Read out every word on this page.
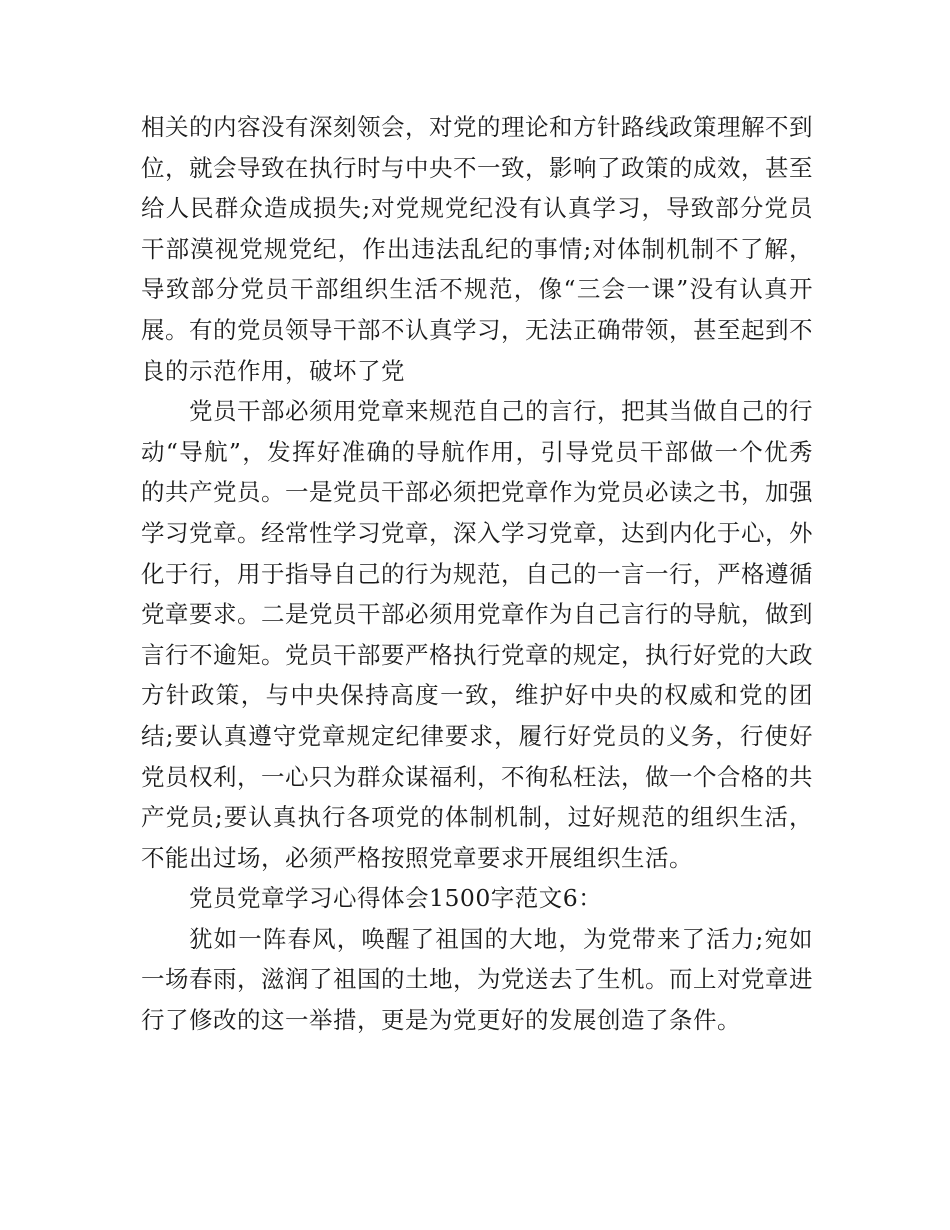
相关的内容没有深刻领会，对党的理论和方针路线政策理解不到位，就会导致在执行时与中央不一致，影响了政策的成效，甚至给人民群众造成损失;对党规党纪没有认真学习，导致部分党员干部漠视党规党纪，作出违法乱纪的事情;对体制机制不了解，导致部分党员干部组织生活不规范，像“三会一课”没有认真开展。有的党员领导干部不认真学习，无法正确带领，甚至起到不良的示范作用，破坏了党

党员干部必须用党章来规范自己的言行，把其当做自己的行动“导航”，发挥好准确的导航作用，引导党员干部做一个优秀的共产党员。一是党员干部必须把党章作为党员必读之书，加强学习党章。经常性学习党章，深入学习党章，达到内化于心，外化于行，用于指导自己的行为规范，自己的一言一行，严格遵循党章要求。二是党员干部必须用党章作为自己言行的导航，做到言行不逾矩。党员干部要严格执行党章的规定，执行好党的大政方针政策，与中央保持高度一致，维护好中央的权威和党的团结;要认真遵守党章规定纪律要求，履行好党员的义务，行使好党员权利，一心只为群众谋福利，不徇私枉法，做一个合格的共产党员;要认真执行各项党的体制机制，过好规范的组织生活，不能出过场，必须严格按照党章要求开展组织生活。

党员党章学习心得体会1500字范文6：

犹如一阵春风，唤醒了祖国的大地，为党带来了活力;宛如一场春雨，滋润了祖国的土地，为党送去了生机。而上对党章进行了修改的这一举措，更是为党更好的发展创造了条件。
